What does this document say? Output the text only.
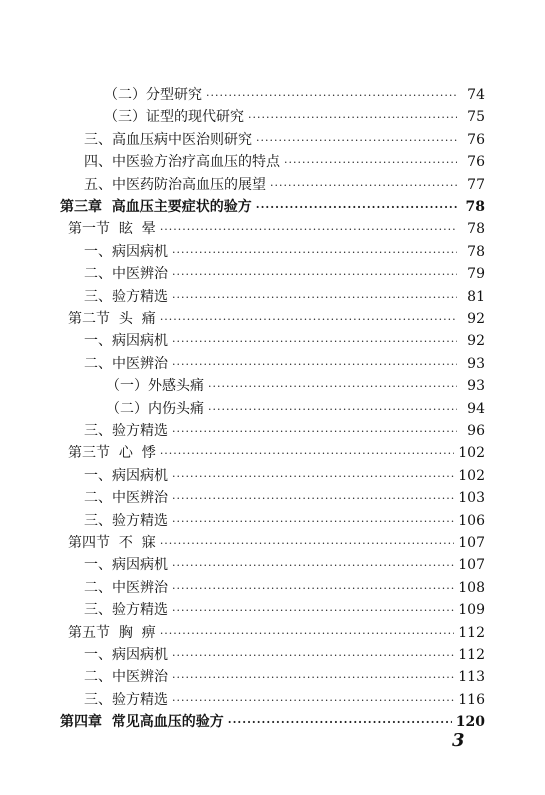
（二）分型研究 ·····	74
（三）证型的现代研究 ·····	75
三、高血压病中医治则研究 ·····	76
四、中医验方治疗高血压的特点 ·····	76
五、中医药防治高血压的展望 ·····	77
第三章  高血压主要症状的验方 ·····	78
第一节  眩  晕 ·····	78
一、病因病机 ·····	78
二、中医辨治 ·····	79
三、验方精选 ·····	81
第二节  头  痛 ·····	92
一、病因病机 ·····	92
二、中医辨治 ·····	93
（一）外感头痛 ·····	93
（二）内伤头痛 ·····	94
三、验方精选 ·····	96
第三节  心  悸 ·····	102
一、病因病机 ·····	102
二、中医辨治 ·····	103
三、验方精选 ·····	106
第四节  不  寐 ·····	107
一、病因病机 ·····	107
二、中医辨治 ·····	108
三、验方精选 ·····	109
第五节  胸  痹 ·····	112
一、病因病机 ·····	112
二、中医辨治 ·····	113
三、验方精选 ·····	116
第四章  常见高血压的验方 ·····	120
3
